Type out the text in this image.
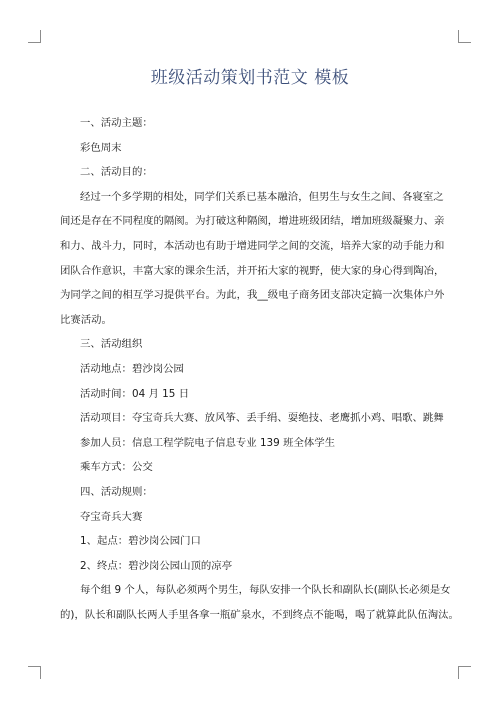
班级活动策划书范文 模板

一、活动主题：

彩色周末

二、活动目的：

经过一个多学期的相处，同学们关系已基本融洽，但男生与女生之间、各寝室之

间还是存在不同程度的隔阂。为打破这种隔阂，增进班级团结，增加班级凝聚力、亲

和力、战斗力，同时，本活动也有助于增进同学之间的交流，培养大家的动手能力和

团队合作意识，丰富大家的课余生活，并开拓大家的视野，使大家的身心得到陶冶，

为同学之间的相互学习提供平台。为此，我__级电子商务团支部决定搞一次集体户外

比赛活动。

三、活动组织

活动地点：碧沙岗公园

活动时间：04 月 15 日

活动项目：夺宝奇兵大赛、放风筝、丢手绢、耍绝技、老鹰抓小鸡、唱歌、跳舞

参加人员：信息工程学院电子信息专业 139 班全体学生

乘车方式：公交

四、活动规则：

夺宝奇兵大赛

1、起点：碧沙岗公园门口

2、终点：碧沙岗公园山顶的凉亭

每个组 9 个人，每队必须两个男生，每队安排一个队长和副队长(副队长必须是女

的)，队长和副队长两人手里各拿一瓶矿泉水，不到终点不能喝，喝了就算此队伍淘汰。
